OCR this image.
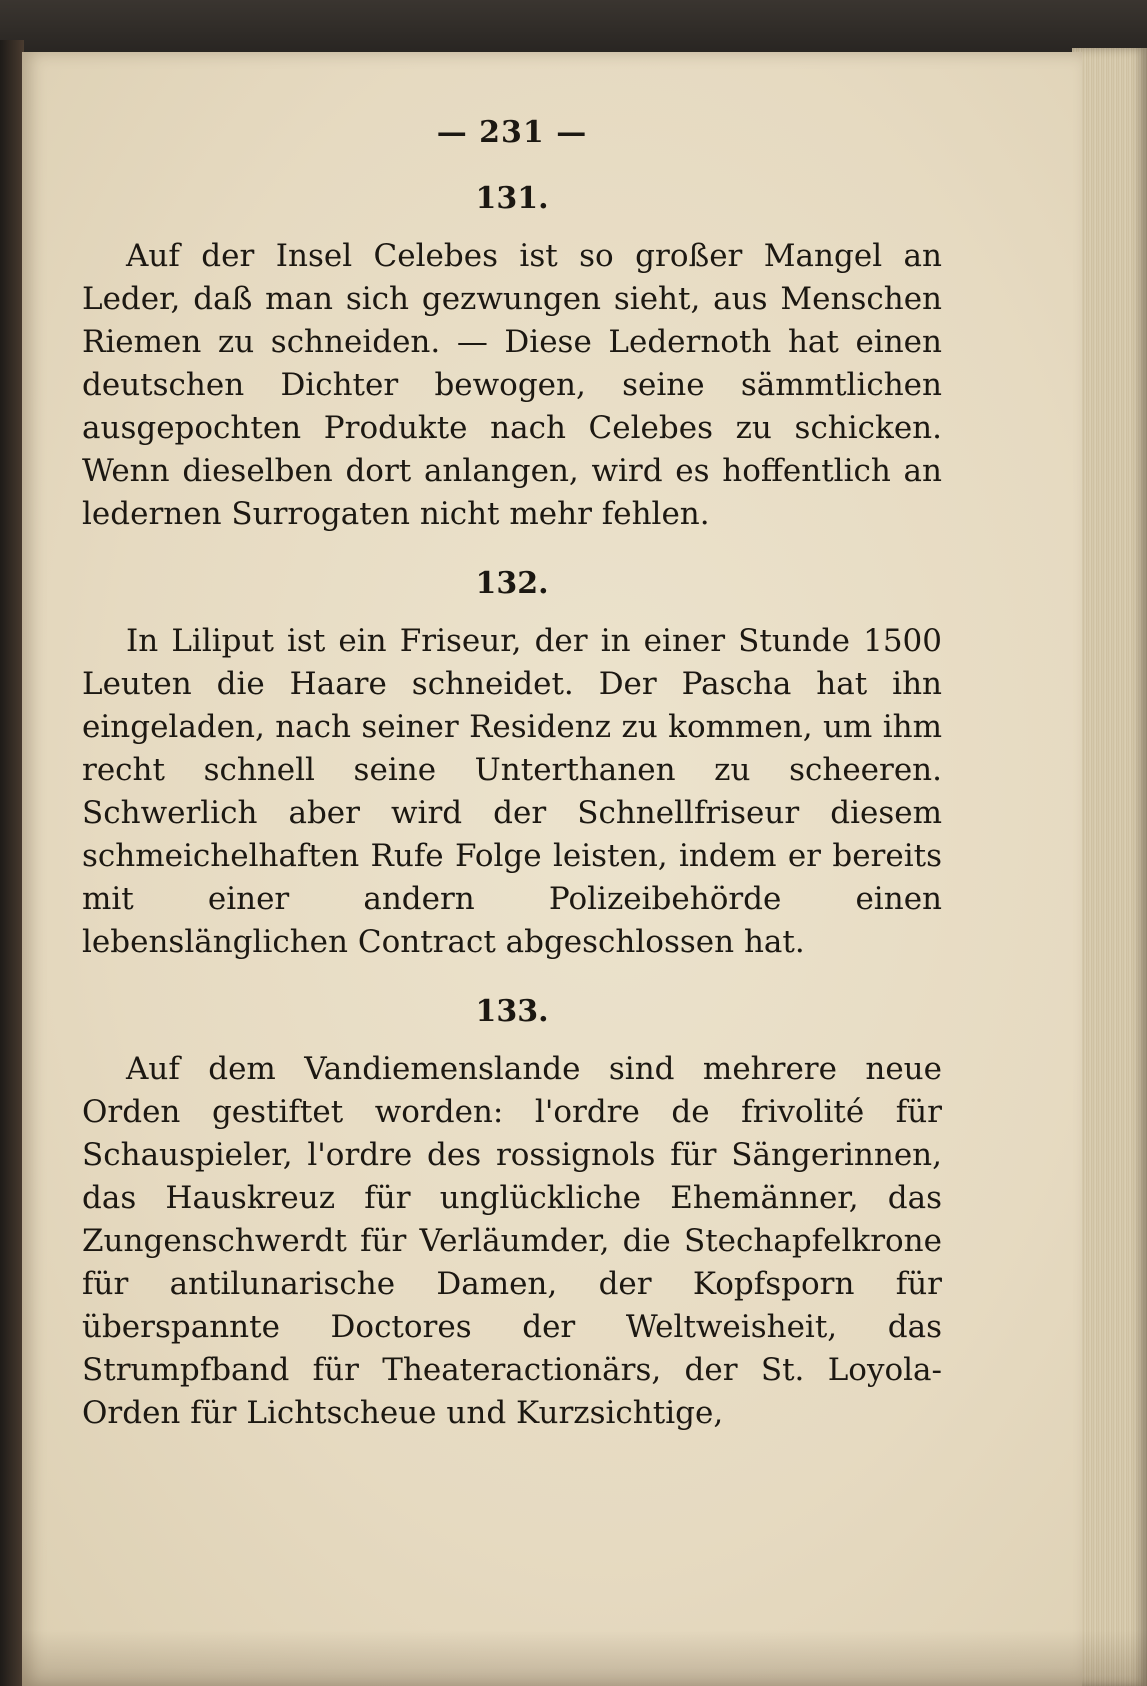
— 231 —
131.

Auf der Insel Celebes ist so großer Mangel an Leder, daß man sich gezwungen sieht, aus Menschen Riemen zu schneiden. — Diese Ledernoth hat einen deutschen Dichter bewogen, seine sämmtlichen ausgepochten Produkte nach Celebes zu schicken. Wenn dieselben dort anlangen, wird es hoffentlich an ledernen Surrogaten nicht mehr fehlen.

132.

In Liliput ist ein Friseur, der in einer Stunde 1500 Leuten die Haare schneidet. Der Pascha hat ihn eingeladen, nach seiner Residenz zu kommen, um ihm recht schnell seine Unterthanen zu scheeren. Schwerlich aber wird der Schnellfriseur diesem schmeichelhaften Rufe Folge leisten, indem er bereits mit einer andern Polizeibehörde einen lebenslänglichen Contract abgeschlossen hat.

133.

Auf dem Vandiemenslande sind mehrere neue Orden gestiftet worden: l'ordre de frivolité für Schauspieler, l'ordre des rossignols für Sängerinnen, das Hauskreuz für unglückliche Ehemänner, das Zungenschwerdt für Verläumder, die Stechapfelkrone für antilunarische Damen, der Kopfsporn für überspannte Doctores der Weltweisheit, das Strumpfband für Theateractionärs, der St. Loyola-Orden für Lichtscheue und Kurzsichtige,
